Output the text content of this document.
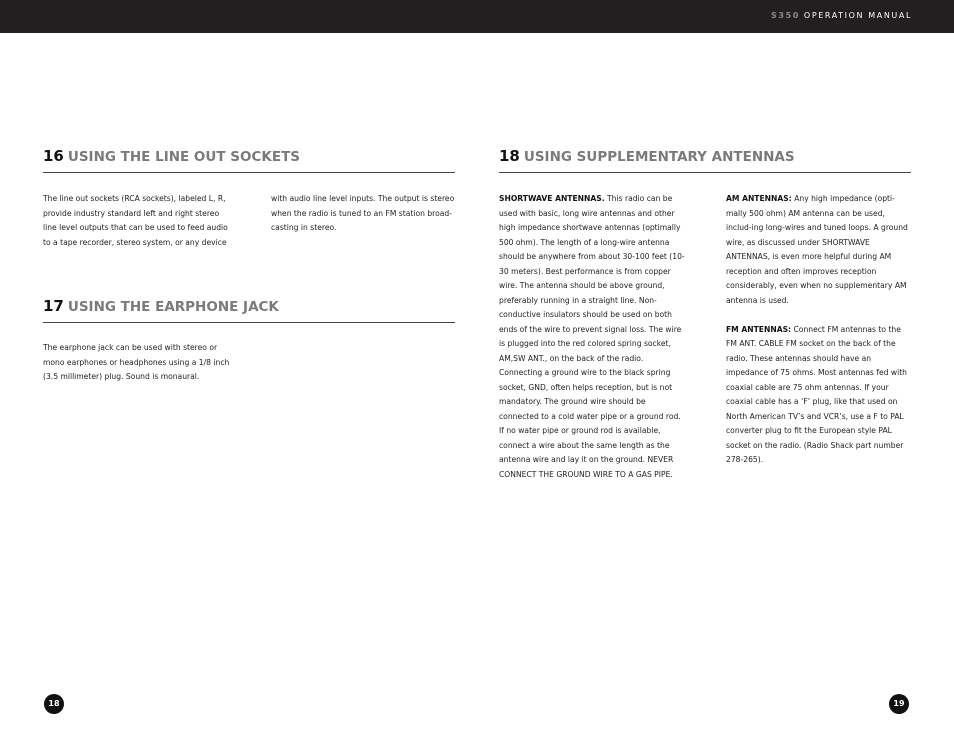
S350 OPERATION MANUAL
16 USING THE LINE OUT SOCKETS

The line out sockets (RCA sockets), labeled L, R, provide industry standard left and right stereo line level outputs that can be used to feed audio to a tape recorder, stereo system, or any device

with audio line level inputs. The output is stereo when the radio is tuned to an FM station broad-casting in stereo.

17 USING THE EARPHONE JACK

The earphone jack can be used with stereo or mono earphones or headphones using a 1/8 inch (3.5 millimeter) plug. Sound is monaural.

18 USING SUPPLEMENTARY ANTENNAS

SHORTWAVE ANTENNAS. This radio can be used with basic, long wire antennas and other high impedance shortwave antennas (optimally 500 ohm). The length of a long-wire antenna should be anywhere from about 30-100 feet (10-30 meters). Best performance is from copper wire. The antenna should be above ground, preferably running in a straight line. Non-conductive insulators should be used on both ends of the wire to prevent signal loss. The wire is plugged into the red colored spring socket, AM,SW ANT., on the back of the radio. Connecting a ground wire to the black spring socket, GND, often helps reception, but is not mandatory. The ground wire should be connected to a cold water pipe or a ground rod. If no water pipe or ground rod is available, connect a wire about the same length as the antenna wire and lay it on the ground. NEVER CONNECT THE GROUND WIRE TO A GAS PIPE.

AM ANTENNAS: Any high impedance (opti-mally 500 ohm) AM antenna can be used, includ-ing long-wires and tuned loops. A ground wire, as discussed under SHORTWAVE ANTENNAS, is even more helpful during AM reception and often improves reception considerably, even when no supplementary AM antenna is used.

FM ANTENNAS: Connect FM antennas to the FM ANT. CABLE FM socket on the back of the radio. These antennas should have an impedance of 75 ohms. Most antennas fed with coaxial cable are 75 ohm antennas. If your coaxial cable has a ‘F’ plug, like that used on North American TV’s and VCR’s, use a F to PAL converter plug to fit the European style PAL socket on the radio. (Radio Shack part number 278-265).

18	19
